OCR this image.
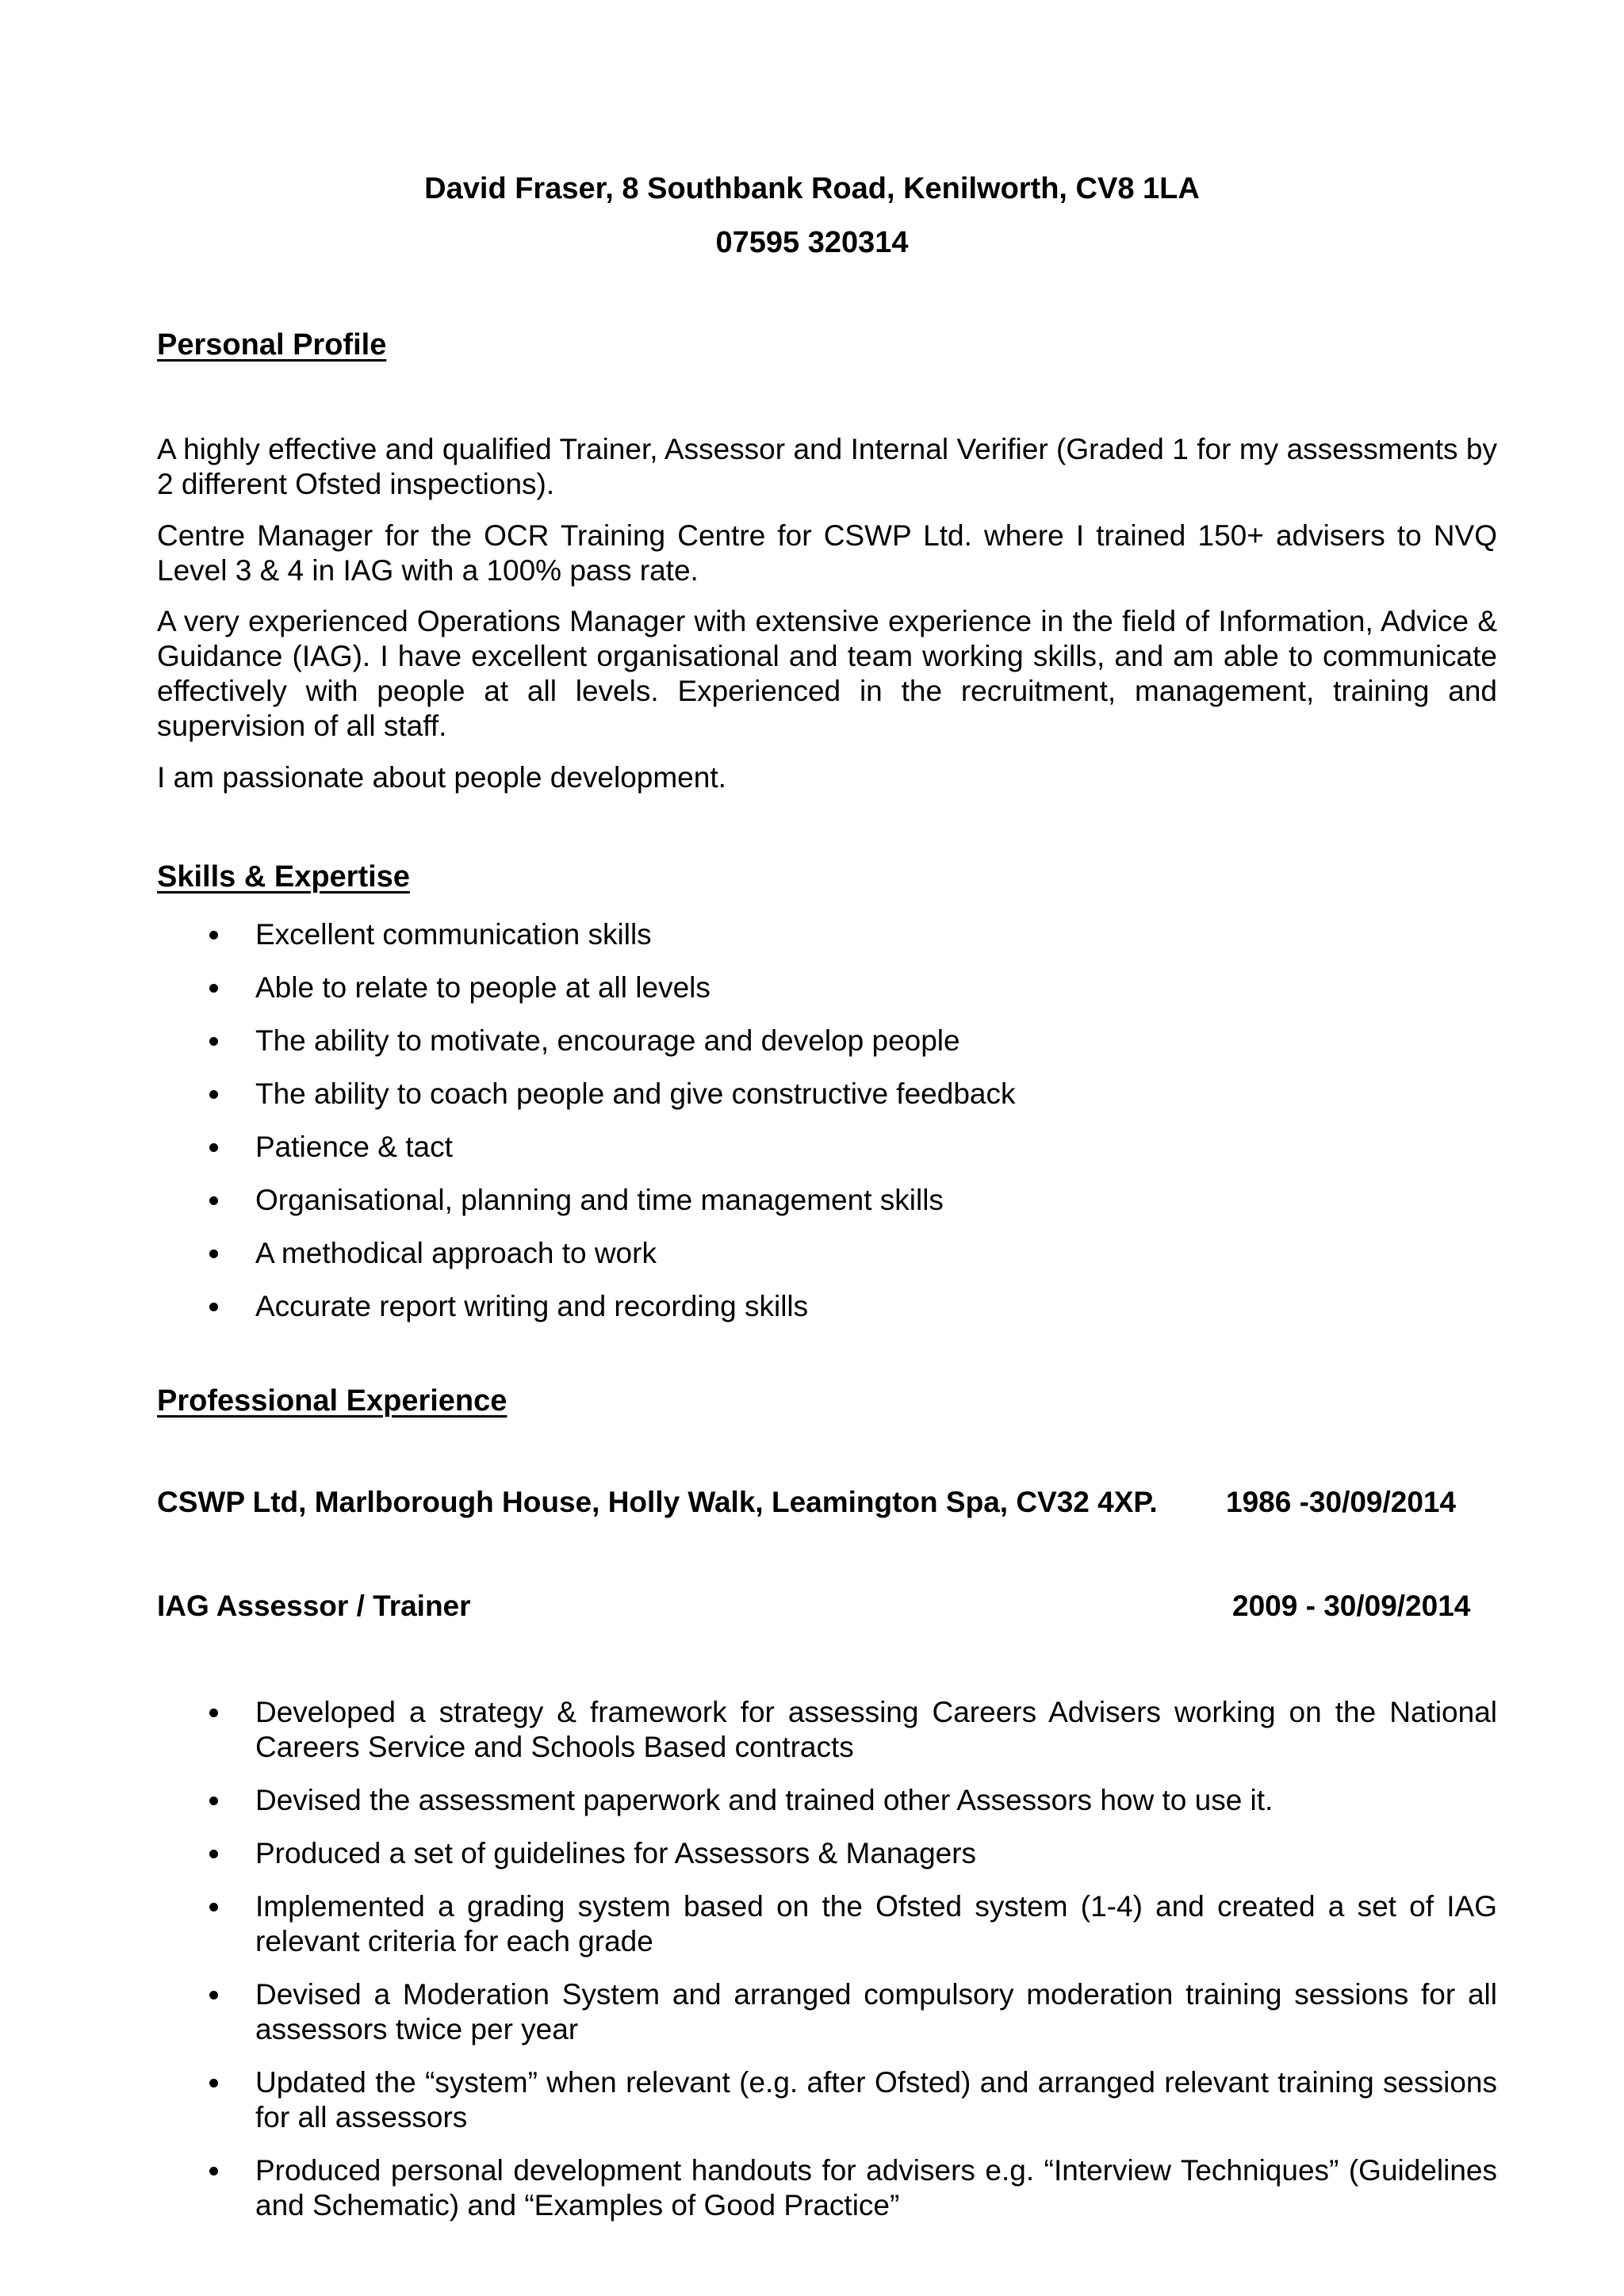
David Fraser, 8 Southbank Road, Kenilworth, CV8 1LA
07595 320314
Personal Profile
A highly effective and qualified Trainer, Assessor and Internal Verifier (Graded 1 for my assessments by 2 different Ofsted inspections).
Centre Manager for the OCR Training Centre for CSWP Ltd. where I trained 150+ advisers to NVQ Level 3 & 4 in IAG with a 100% pass rate.
A very experienced Operations Manager with extensive experience in the field of Information, Advice & Guidance (IAG). I have excellent organisational and team working skills, and am able to communicate effectively with people at all levels. Experienced in the recruitment, management, training and supervision of all staff.
I am passionate about people development.
Skills & Expertise
Excellent communication skills
Able to relate to people at all levels
The ability to motivate, encourage and develop people
The ability to coach people and give constructive feedback
Patience & tact
Organisational, planning and time management skills
A methodical approach to work
Accurate report writing and recording skills
Professional Experience
CSWP Ltd, Marlborough House, Holly Walk, Leamington Spa, CV32 4XP. 1986 -30/09/2014
IAG Assessor / Trainer	2009 - 30/09/2014
Developed a strategy & framework for assessing Careers Advisers working on the National Careers Service and Schools Based contracts
Devised the assessment paperwork and trained other Assessors how to use it.
Produced a set of guidelines for Assessors & Managers
Implemented a grading system based on the Ofsted system (1-4) and created a set of IAG relevant criteria for each grade
Devised a Moderation System and arranged compulsory moderation training sessions for all assessors twice per year
Updated the “system” when relevant (e.g. after Ofsted) and arranged relevant training sessions for all assessors
Produced personal development handouts for advisers e.g. “Interview Techniques” (Guidelines and Schematic) and “Examples of Good Practice”
